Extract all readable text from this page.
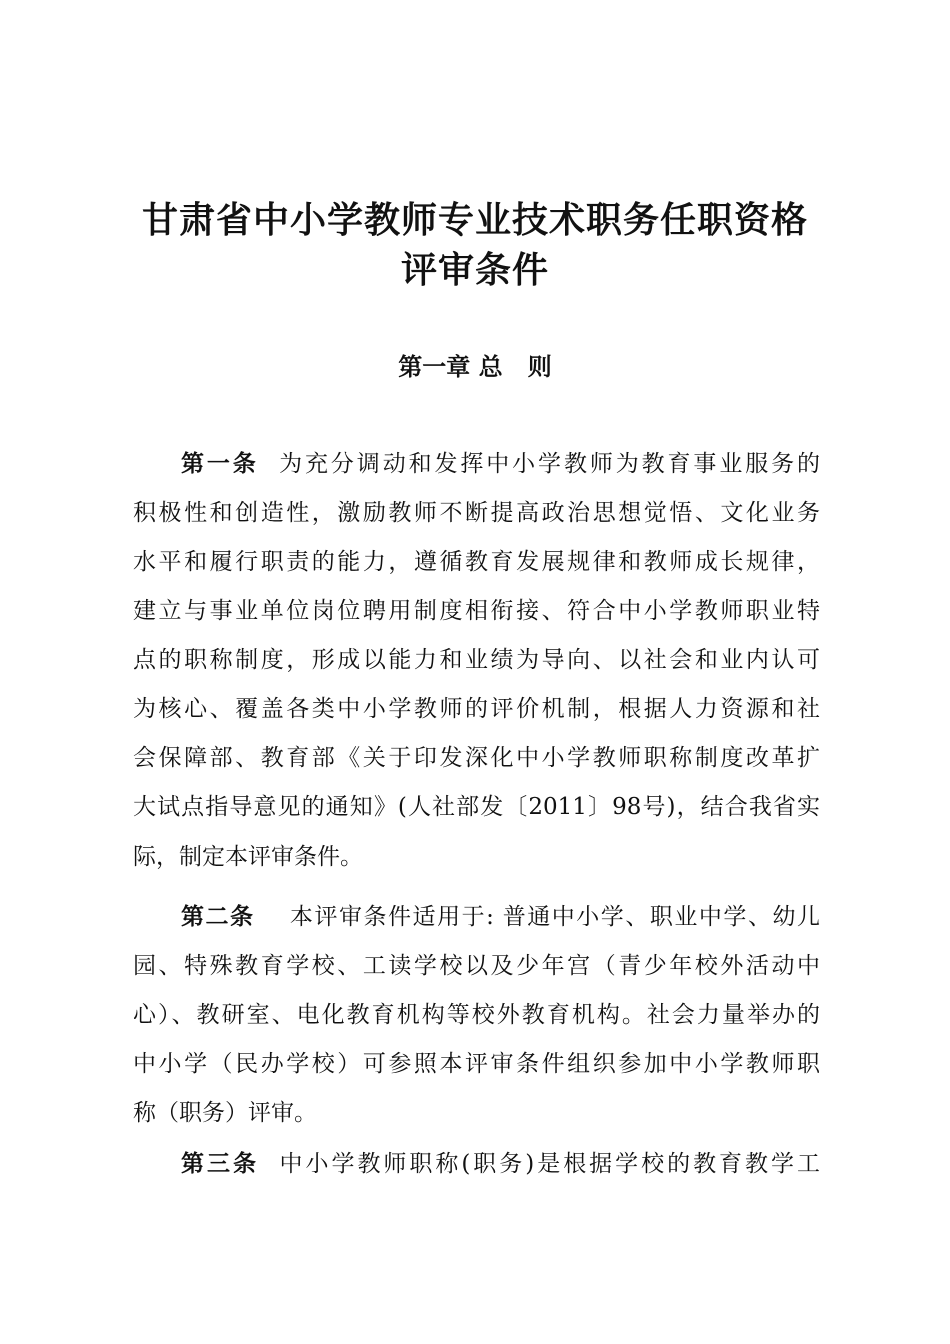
甘肃省中小学教师专业技术职务任职资格
评审条件
第一章 总   则
第一条 为充分调动和发挥中小学教师为教育事业服务的
积极性和创造性，激励教师不断提高政治思想觉悟、文化业务
水平和履行职责的能力，遵循教育发展规律和教师成长规律，
建立与事业单位岗位聘用制度相衔接、符合中小学教师职业特
点的职称制度，形成以能力和业绩为导向、以社会和业内认可
为核心、覆盖各类中小学教师的评价机制，根据人力资源和社
会保障部、教育部《关于印发深化中小学教师职称制度改革扩
大试点指导意见的通知》(人社部发〔2011〕98号)，结合我省实
际，制定本评审条件。
第二条 本评审条件适用于: 普通中小学、职业中学、幼儿
园、特殊教育学校、工读学校以及少年宫（青少年校外活动中
心）、教研室、电化教育机构等校外教育机构。社会力量举办的
中小学（民办学校）可参照本评审条件组织参加中小学教师职
称（职务）评审。
第三条 中小学教师职称(职务)是根据学校的教育教学工
